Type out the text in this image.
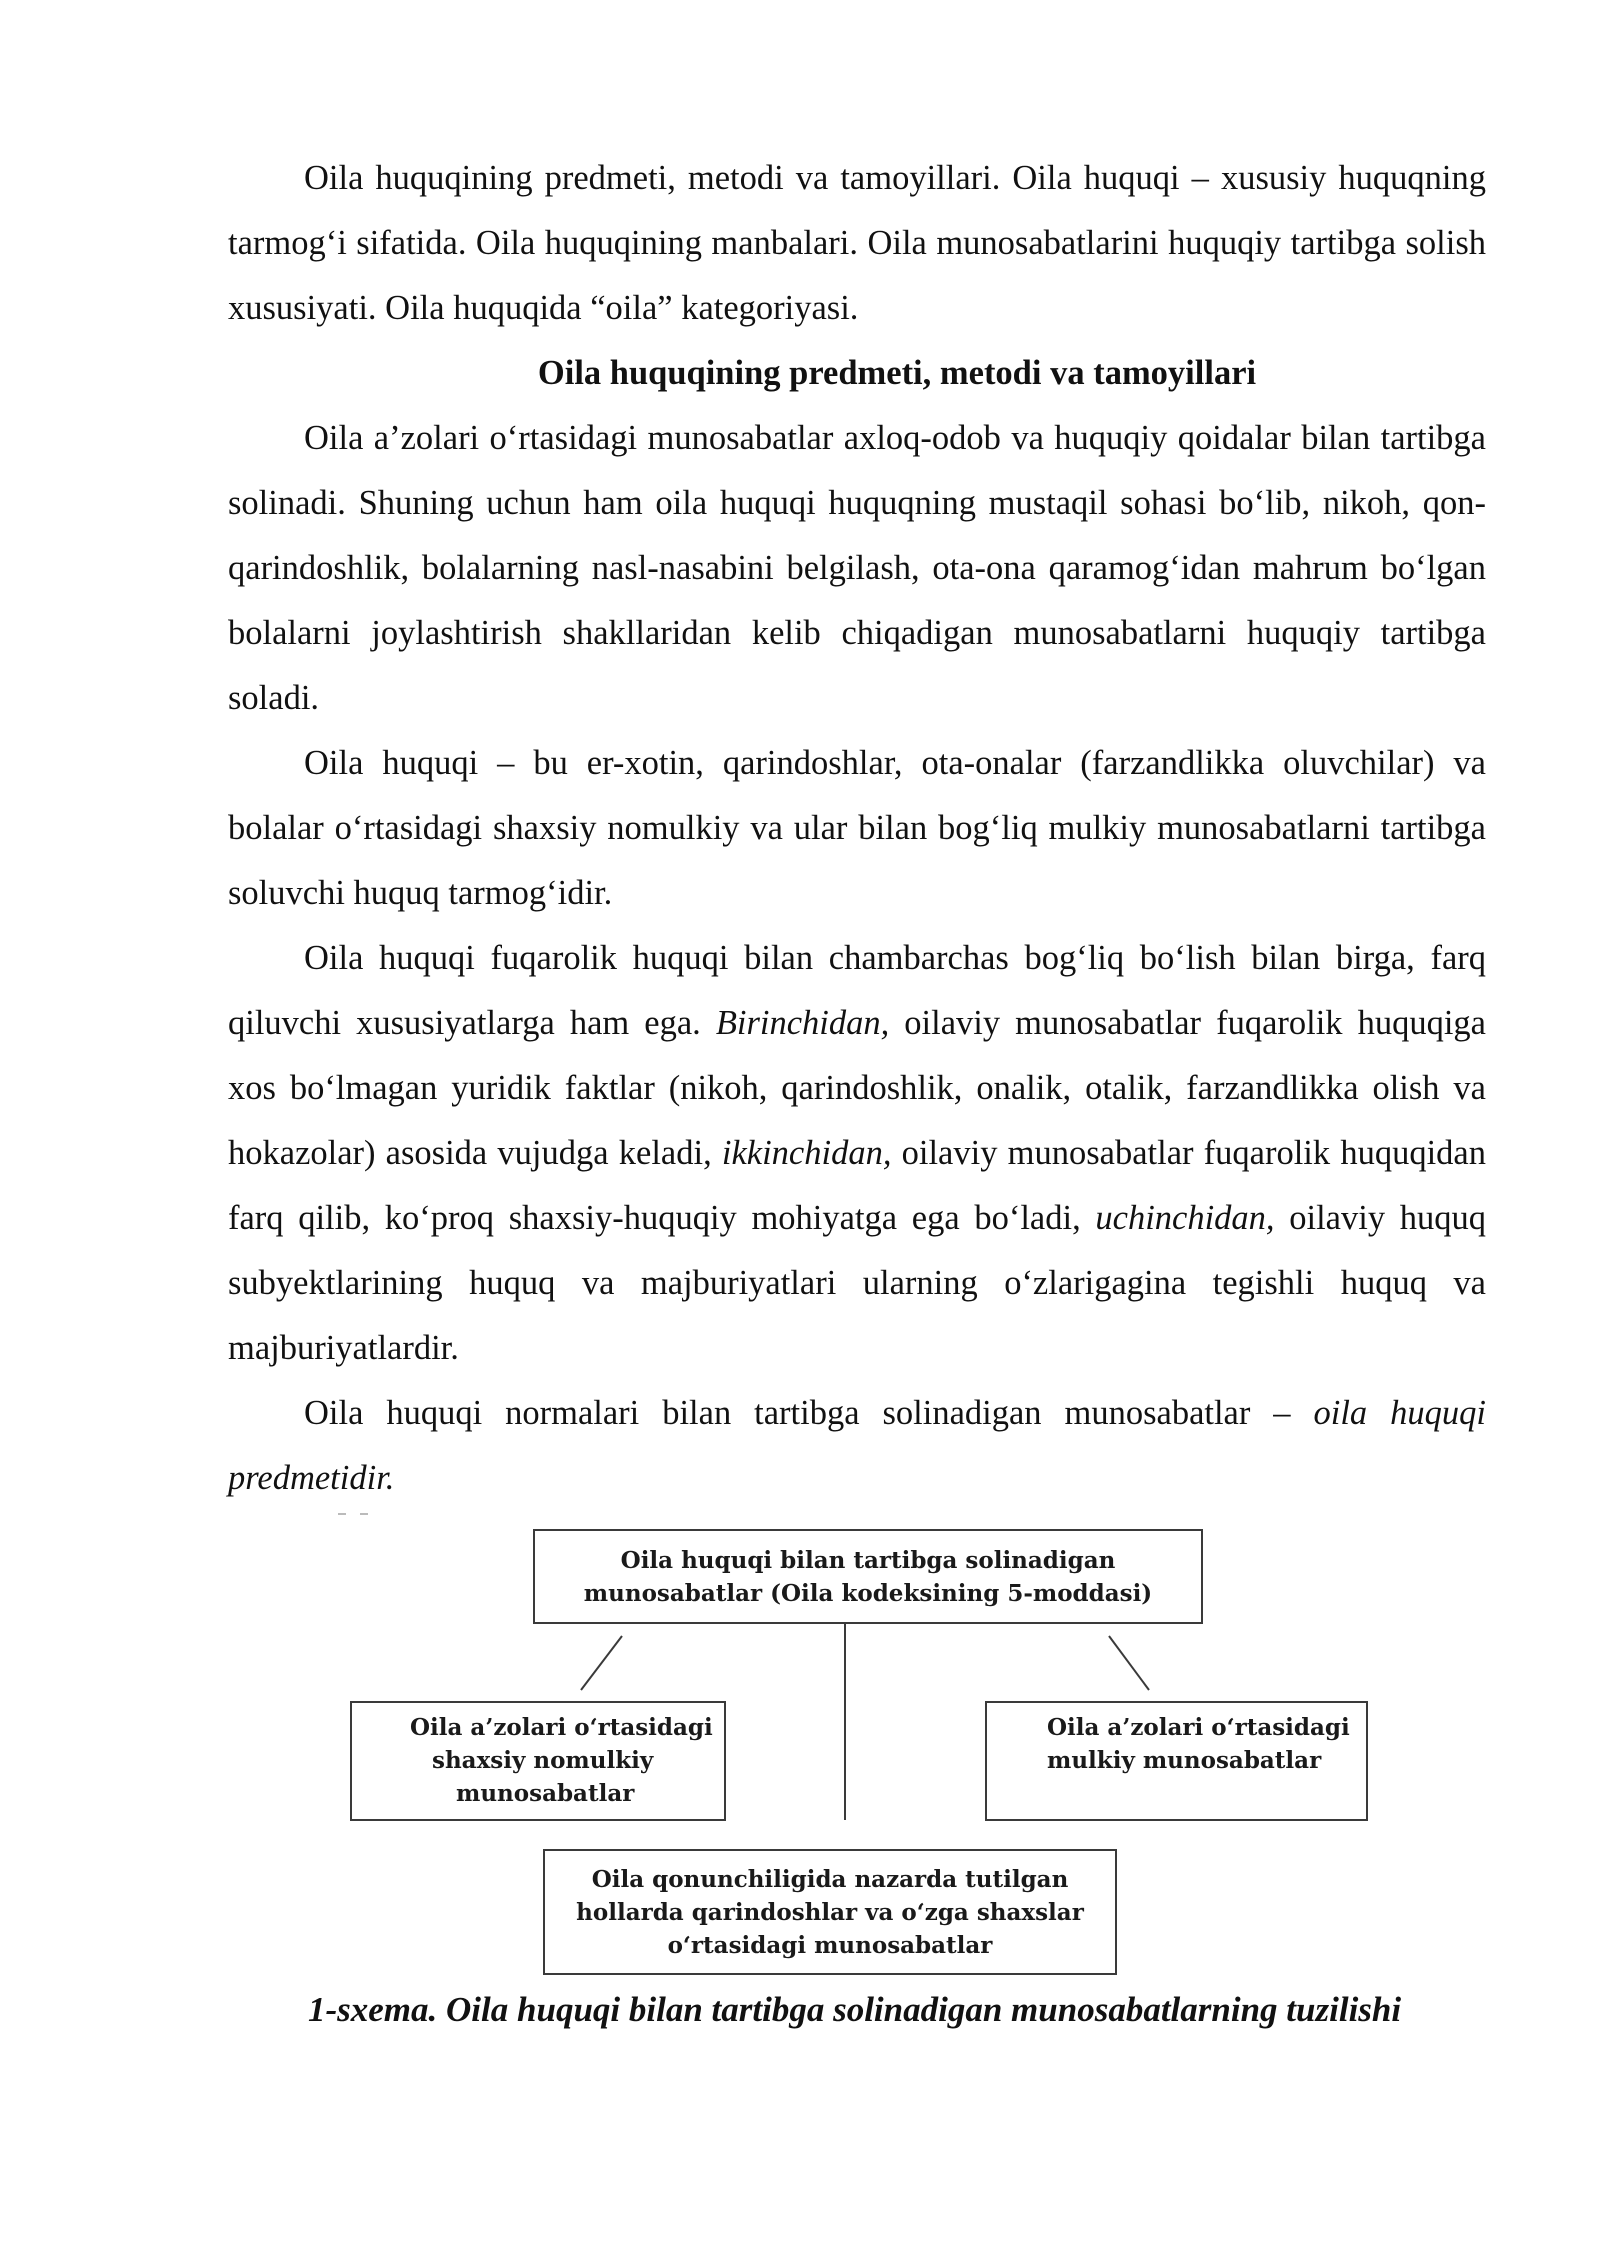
Oila huquqining predmeti, metodi va tamoyillari. Oila huquqi – xususiy huquqning tarmog‘i sifatida. Oila huquqining manbalari. Oila munosabatlarini huquqiy tartibga solish xususiyati. Oila huquqida “oila” kategoriyasi.

Oila huquqining predmeti, metodi va tamoyillari

Oila a’zolari o‘rtasidagi munosabatlar axloq-odob va huquqiy qoidalar bilan tartibga solinadi. Shuning uchun ham oila huquqi huquqning mustaqil sohasi bo‘lib, nikoh, qon-qarindoshlik, bolalarning nasl-nasabini belgilash, ota-ona qaramog‘idan mahrum bo‘lgan bolalarni joylashtirish shakllaridan kelib chiqadigan munosabatlarni huquqiy tartibga soladi.

Oila huquqi – bu er-xotin, qarindoshlar, ota-onalar (farzandlikka oluvchilar) va bolalar o‘rtasidagi shaxsiy nomulkiy va ular bilan bog‘liq mulkiy munosabatlarni tartibga soluvchi huquq tarmog‘idir.

Oila huquqi fuqarolik huquqi bilan chambarchas bog‘liq bo‘lish bilan birga, farq qiluvchi xususiyatlarga ham ega. Birinchidan, oilaviy munosabatlar fuqarolik huquqiga xos bo‘lmagan yuridik faktlar (nikoh, qarindoshlik, onalik, otalik, farzandlikka olish va hokazolar) asosida vujudga keladi, ikkinchidan, oilaviy munosabatlar fuqarolik huquqidan farq qilib, ko‘proq shaxsiy-huquqiy mohiyatga ega bo‘ladi, uchinchidan, oilaviy huquq subyektlarining huquq va majburiyatlari ularning o‘zlarigagina tegishli huquq va majburiyatlardir.

Oila huquqi normalari bilan tartibga solinadigan munosabatlar – oila huquqi predmetidir.

Oila huquqi bilan tartibga solinadigan
munosabatlar (Oila kodeksining 5-moddasi)
Oila a’zolari o‘rtasidagi
shaxsiy nomulkiy
munosabatlar
Oila a’zolari o‘rtasidagi
mulkiy munosabatlar
Oila qonunchiligida nazarda tutilgan
hollarda qarindoshlar va o‘zga shaxslar
o‘rtasidagi munosabatlar
1-sxema. Oila huquqi bilan tartibga solinadigan munosabatlarning tuzilishi
